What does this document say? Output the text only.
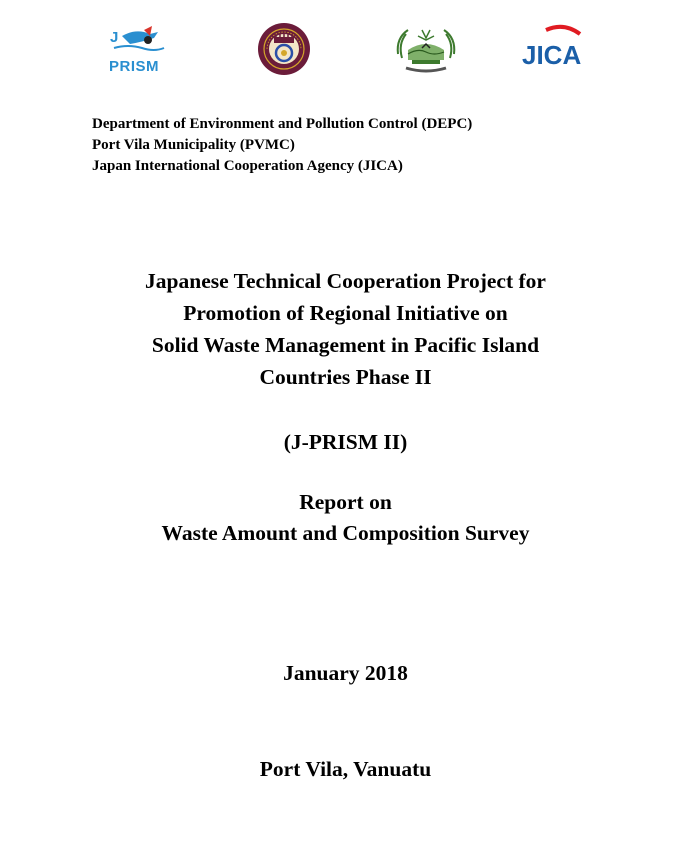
J
PRISM	JICA
Department of Environment and Pollution Control (DEPC)
Port Vila Municipality (PVMC)
Japan International Cooperation Agency (JICA)
Japanese Technical Cooperation Project for
Promotion of Regional Initiative on
Solid Waste Management in Pacific Island
Countries Phase II
(J-PRISM II)
Report on
Waste Amount and Composition Survey
January 2018
Port Vila, Vanuatu
